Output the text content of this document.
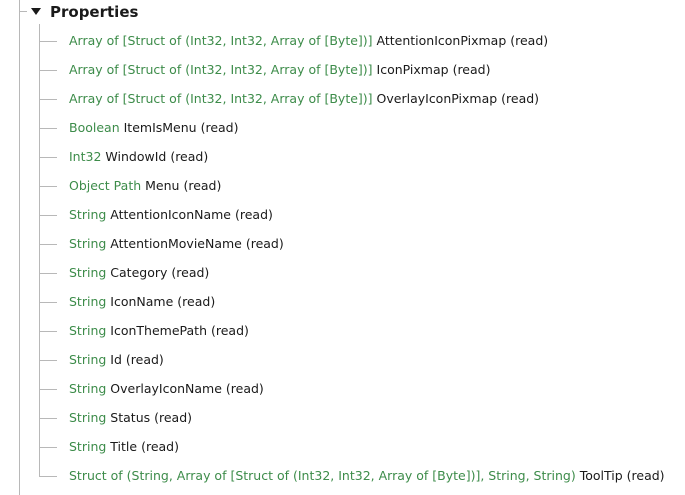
Properties
Array of [Struct of (Int32, Int32, Array of [Byte])] AttentionIconPixmap (read)
Array of [Struct of (Int32, Int32, Array of [Byte])] IconPixmap (read)
Array of [Struct of (Int32, Int32, Array of [Byte])] OverlayIconPixmap (read)
Boolean ItemIsMenu (read)
Int32 WindowId (read)
Object Path Menu (read)
String AttentionIconName (read)
String AttentionMovieName (read)
String Category (read)
String IconName (read)
String IconThemePath (read)
String Id (read)
String OverlayIconName (read)
String Status (read)
String Title (read)
Struct of (String, Array of [Struct of (Int32, Int32, Array of [Byte])], String, String) ToolTip (read)
